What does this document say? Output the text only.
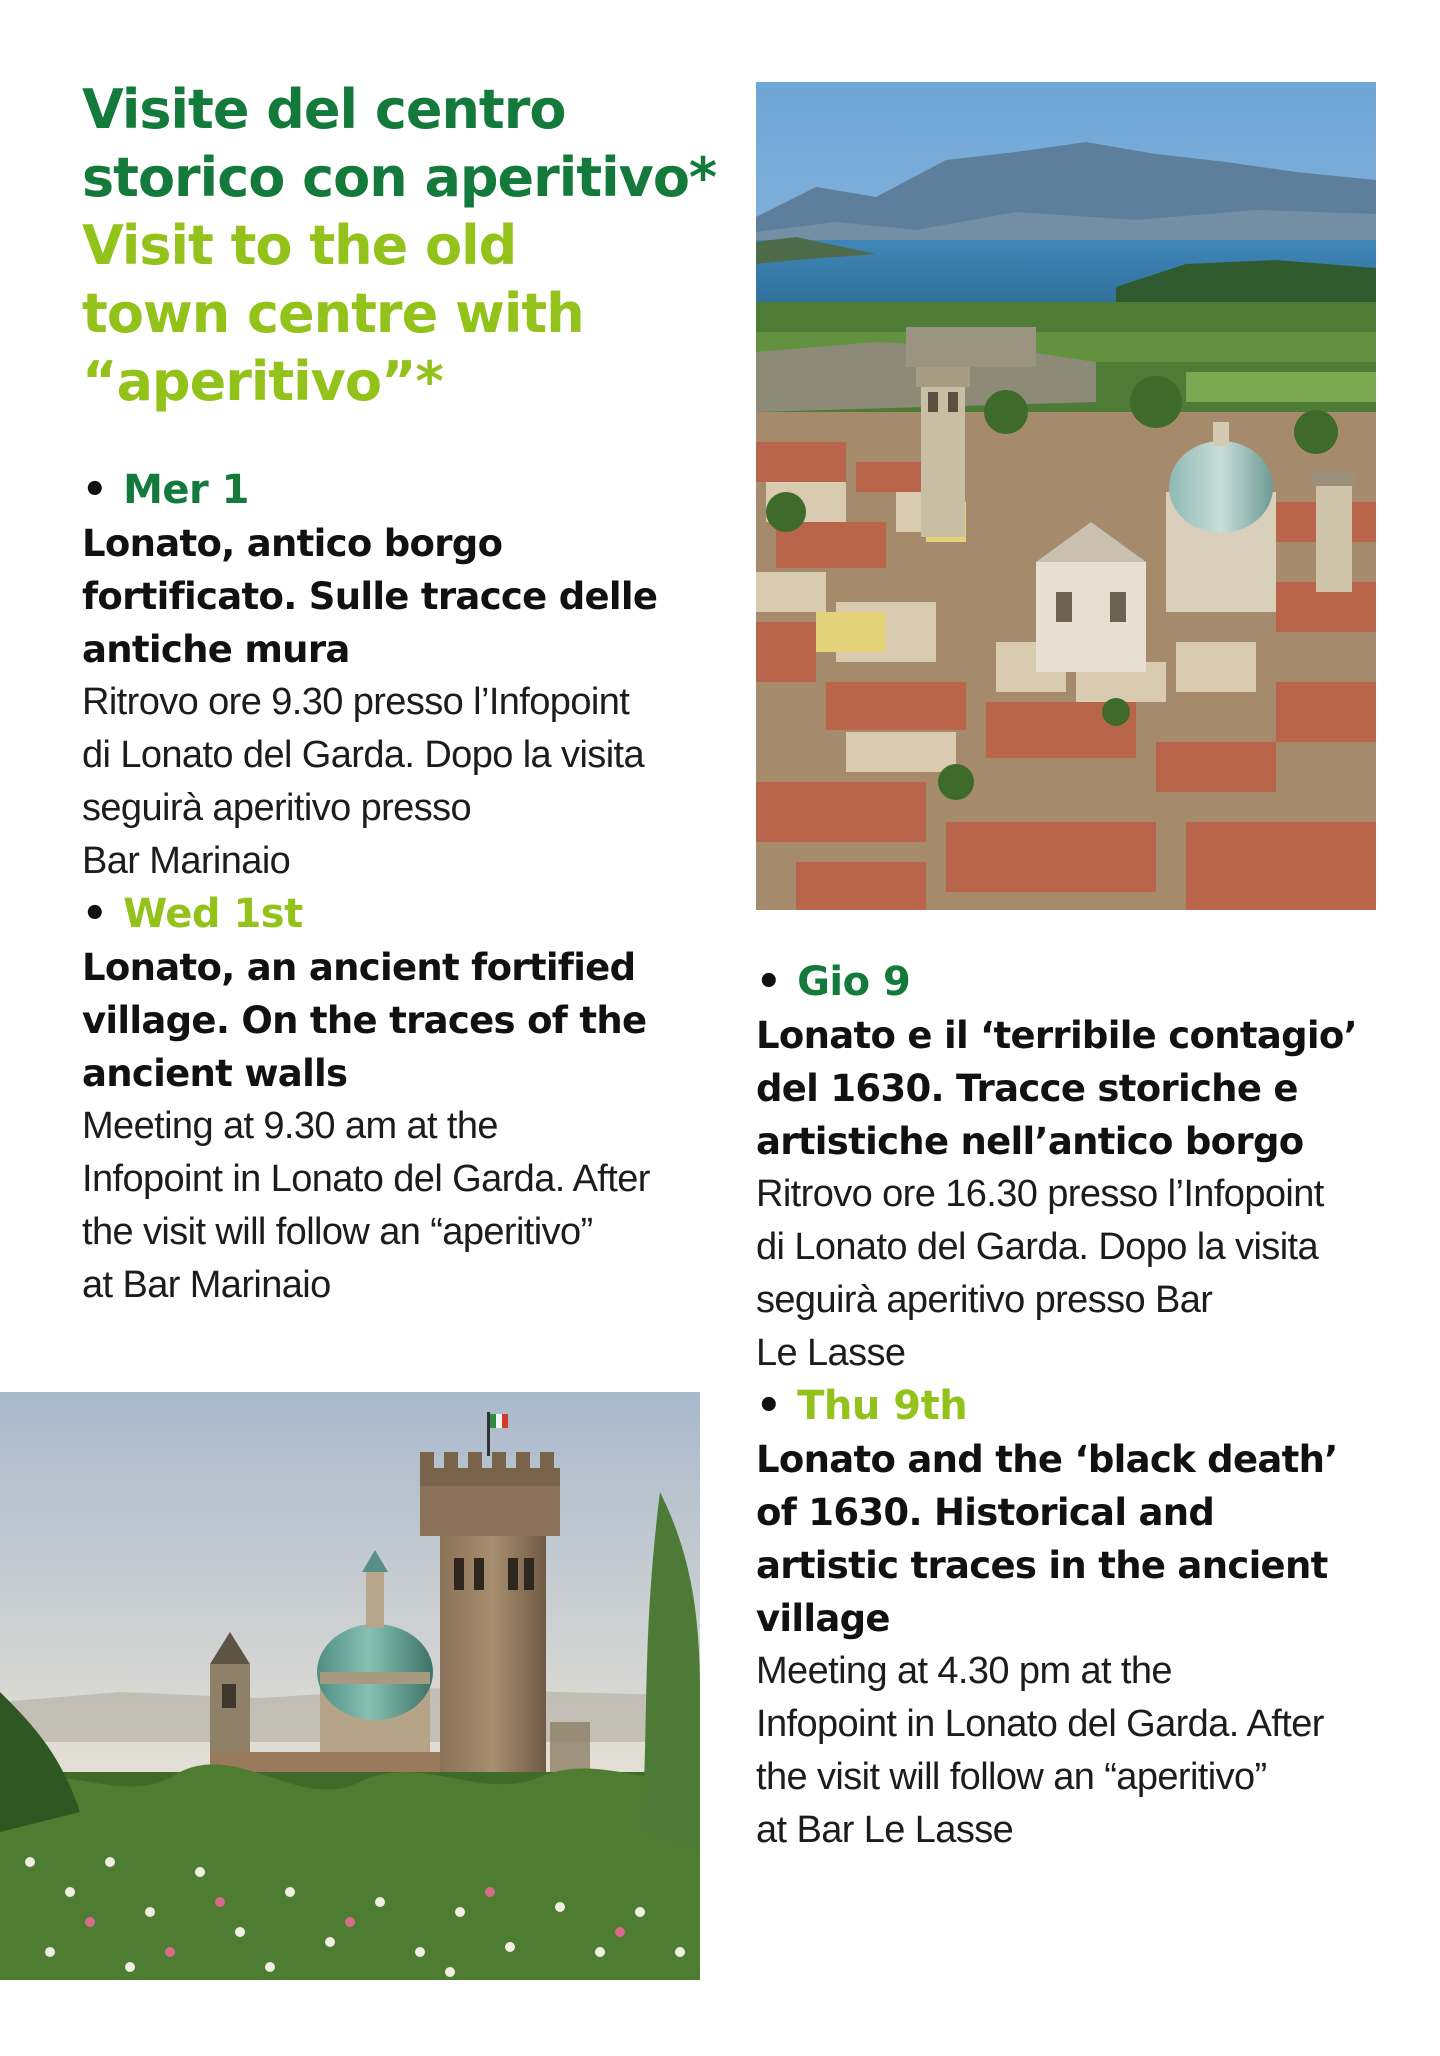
Visite del centro
storico con aperitivo*
Visit to the old
town centre with
“aperitivo”*
• Mer 1
Lonato, antico borgo
fortificato. Sulle tracce delle
antiche mura
Ritrovo ore 9.30 presso l’Infopoint
di Lonato del Garda. Dopo la visita
seguirà aperitivo presso
Bar Marinaio
• Wed 1st
Lonato, an ancient fortified
village. On the traces of the
ancient walls
Meeting at 9.30 am at the
Infopoint in Lonato del Garda. After
the visit will follow an “aperitivo”
at Bar Marinaio
• Gio 9
Lonato e il ‘terribile contagio’
del 1630. Tracce storiche e
artistiche nell’antico borgo
Ritrovo ore 16.30 presso l’Infopoint
di Lonato del Garda. Dopo la visita
seguirà aperitivo presso Bar
Le Lasse
• Thu 9th
Lonato and the ‘black death’
of 1630. Historical and
artistic traces in the ancient
village
Meeting at 4.30 pm at the
Infopoint in Lonato del Garda. After
the visit will follow an “aperitivo”
at Bar Le Lasse
